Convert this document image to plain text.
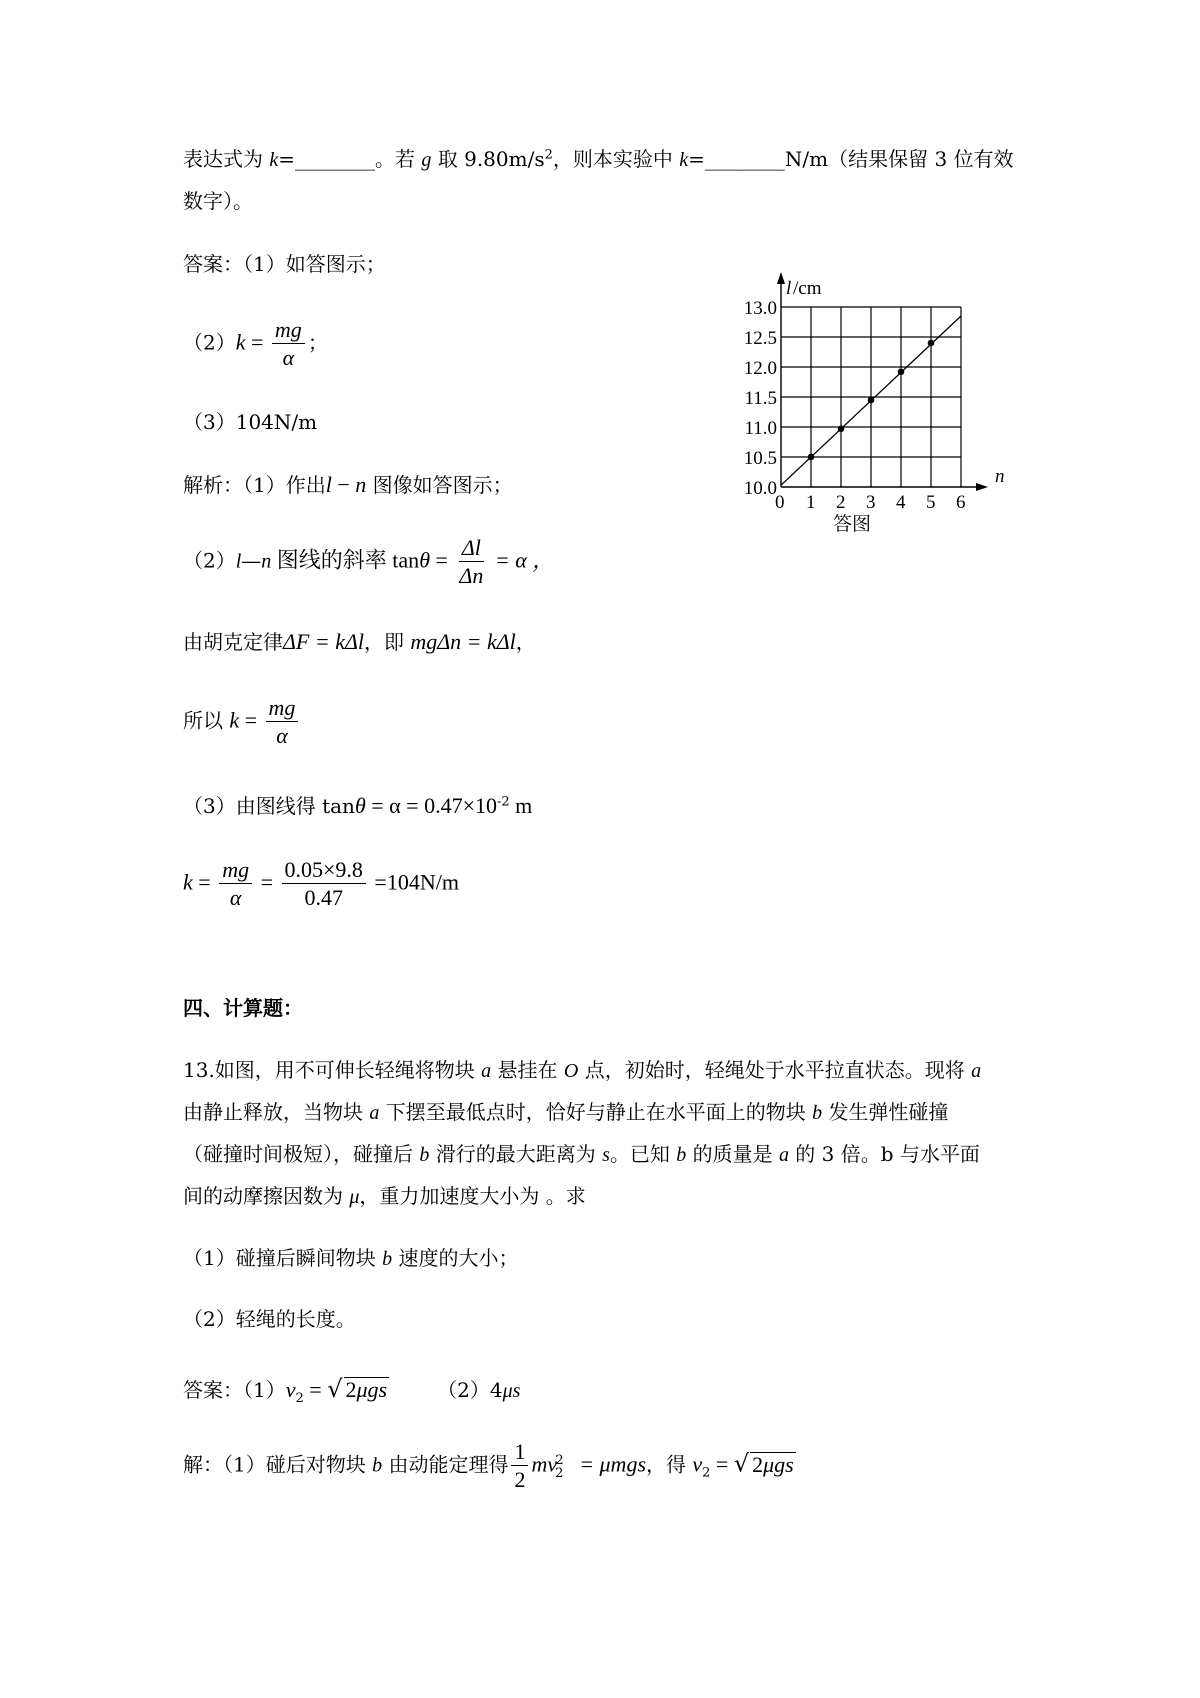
表达式为 k=________。若 g 取 $9.80m/s^2$，则本实验中 k=________N/m（结果保留 3 位有效
数字）。
答案：（1）如答图示；
$(2)k = \frac{mg}{\alpha}$ ；
（3）104N/m
解析：（1）作出l − n 图像如答图示；
（2）l—n 图线的斜率 $\tan\theta = \frac{\Delta l}{\Delta n} = \alpha$ ，
由胡克定律ΔF = kΔl，即 mgΔn = kΔl，
所以 $k = \frac{mg}{\alpha}$
（3）由图线得 $\tan\theta = \alpha = 0.47\times 10^{-2}$ m
$k = \frac{mg}{\alpha} = \frac{0.05\times 9.8}{0.47} =104N/m$
四、计算题：
13.如图，用不可伸长轻绳将物块 a 悬挂在 O 点，初始时，轻绳处于水平拉直状态。现将 a
由静止释放，当物块 a 下摆至最低点时，恰好与静止在水平面上的物块 b 发生弹性碰撞
（碰撞时间极短），碰撞后 b 滑行的最大距离为 s。已知 b 的质量是 a 的 3 倍。b 与水平面
间的动摩擦因数为 μ，重力加速度大小为 。求
（1）碰撞后瞬间物块 b 速度的大小；
（2）轻绳的长度。
答案：$(1)v_2$ = √ 2μgs	（2）4μs
解：（1）碰后对物块 b 由动能定理得 $\frac{1}{2} mv_2^2 = \mu mgs$，得 $v_2$ = √ 2μgs
0 1 2 3 4 5 6
10.0
10.5
11.0
11.5
12.0
12.5
13.0
l /cm
n
答图
